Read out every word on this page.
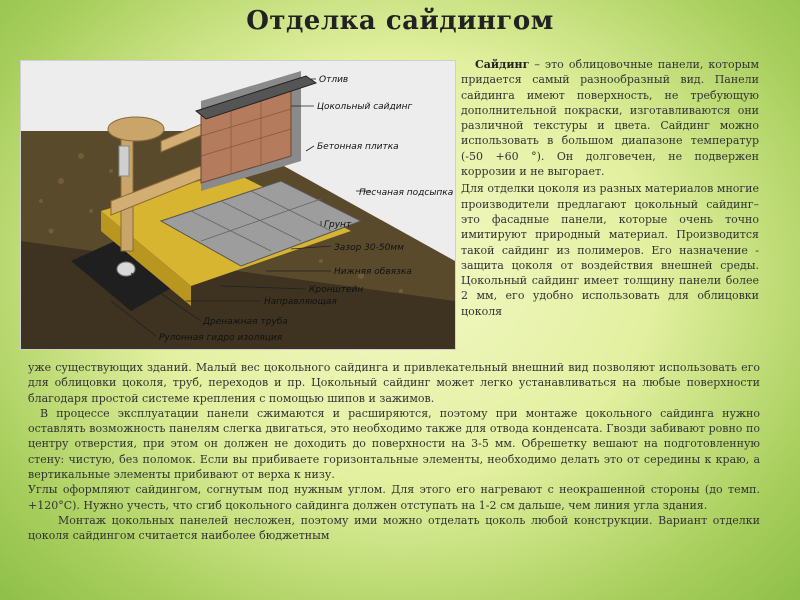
Отделка сайдингом
Отлив
Цокольный сайдинг
Бетонная плитка
Песчаная подсыпка
Грунт
Зазор 30-50мм
Нижняя обвязка
Кронштейн
Направляющая
Дренажная труба
Рулонная гидро изоляция

Сайдинг – это облицовочные панели, которым придается самый разнообразный вид. Панели сайдинга имеют поверхность, не требующую дополнительной покраски, изготавливаются они различной текстуры и цвета. Сайдинг можно использовать в большом диапазоне температур (-50 +60 °). Он долговечен, не подвержен коррозии и не выгорает.

Для отделки цоколя из разных материалов многие производители предлагают цокольный сайдинг– это фасадные панели, которые очень точно имитируют природный материал. Производится такой сайдинг из полимеров. Его назначение - защита цоколя от воздействия внешней среды. Цокольный сайдинг имеет толщину панели более 2 мм, его удобно использовать для облицовки цоколя

уже существующих зданий. Малый вес цокольного сайдинга и привлекательный внешний вид позволяют использовать его для облицовки цоколя, труб, переходов и пр. Цокольный сайдинг может легко устанавливаться на любые поверхности благодаря простой системе крепления с помощью шипов и зажимов.

В процессе эксплуатации панели сжимаются и расширяются, поэтому при монтаже цокольного сайдинга нужно оставлять возможность панелям слегка двигаться, это необходимо также для отвода конденсата. Гвозди забивают ровно по центру отверстия, при этом он должен не доходить до поверхности на 3-5 мм. Обрешетку вешают на подготовленную стену: чистую, без поломок. Если вы прибиваете горизонтальные элементы, необходимо делать это от середины к краю, а вертикальные элементы прибивают от верха к низу.

Углы оформляют сайдингом, согнутым под нужным углом. Для этого его нагревают с неокрашенной стороны (до темп. +120°С). Нужно учесть, что сгиб цокольного сайдинга должен отступать на 1-2 см дальше, чем линия угла здания.

Монтаж цокольных панелей несложен, поэтому ими можно отделать цоколь любой конструкции. Вариант отделки цоколя сайдингом считается наиболее бюджетным
